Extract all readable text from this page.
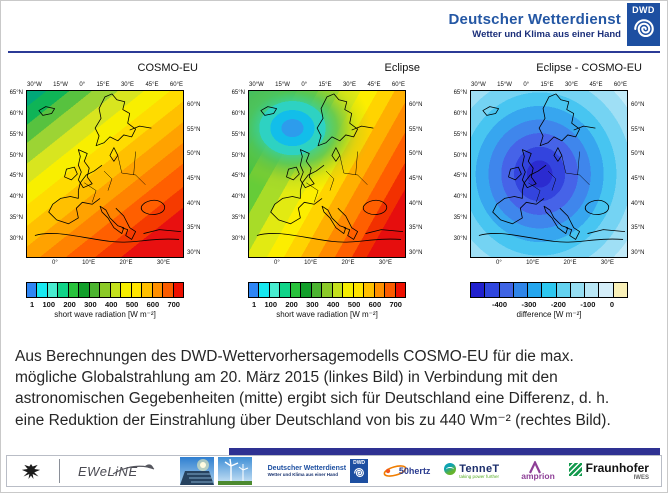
Deutscher Wetterdienst
Wetter und Klima aus einer Hand
DWD
COSMO-EU
30°W 15°W 0° 15°E 30°E 45°E 60°E
65°N
60°N
55°N
50°N
45°N
40°N
35°N
30°N
60°N
55°N
50°N
45°N
40°N
35°N
30°N
0°	10°E	20°E	30°E
1 100 200 300 400 500 600 700
short wave radiation [W m⁻²]
Eclipse
30°W 15°W 0° 15°E 30°E 45°E 60°E
65°N
60°N
55°N
50°N
45°N
40°N
35°N
30°N
60°N
55°N
50°N
45°N
40°N
35°N
30°N
0°	10°E	20°E	30°E
1 100 200 300 400 500 600 700
short wave radiation [W m⁻²]
Eclipse - COSMO-EU
30°W 15°W 0° 15°E 30°E 45°E 60°E
65°N
60°N
55°N
50°N
45°N
40°N
35°N
30°N
60°N
55°N
50°N
45°N
40°N
35°N
30°N
0°	10°E	20°E	30°E
-400 -300 -200 -100 0
difference [W m⁻²]
Aus Berechnungen des DWD-Wettervorhersagemodells COSMO-EU für die max.
mögliche Globalstrahlung am 20. März 2015 (linkes Bild) in Verbindung mit den
astronomischen Gegebenheiten (mitte) ergibt sich für Deutschland eine Differenz, d. h.
eine Reduktion der Einstrahlung über Deutschland von bis zu 440 Wm⁻² (rechtes Bild).
EWeLiNE	Deutscher Wetterdienst
Wetter und Klima aus einer Hand
DWD
50hertz	TenneT
taking power further	amprion
Fraunhofer
IWES
